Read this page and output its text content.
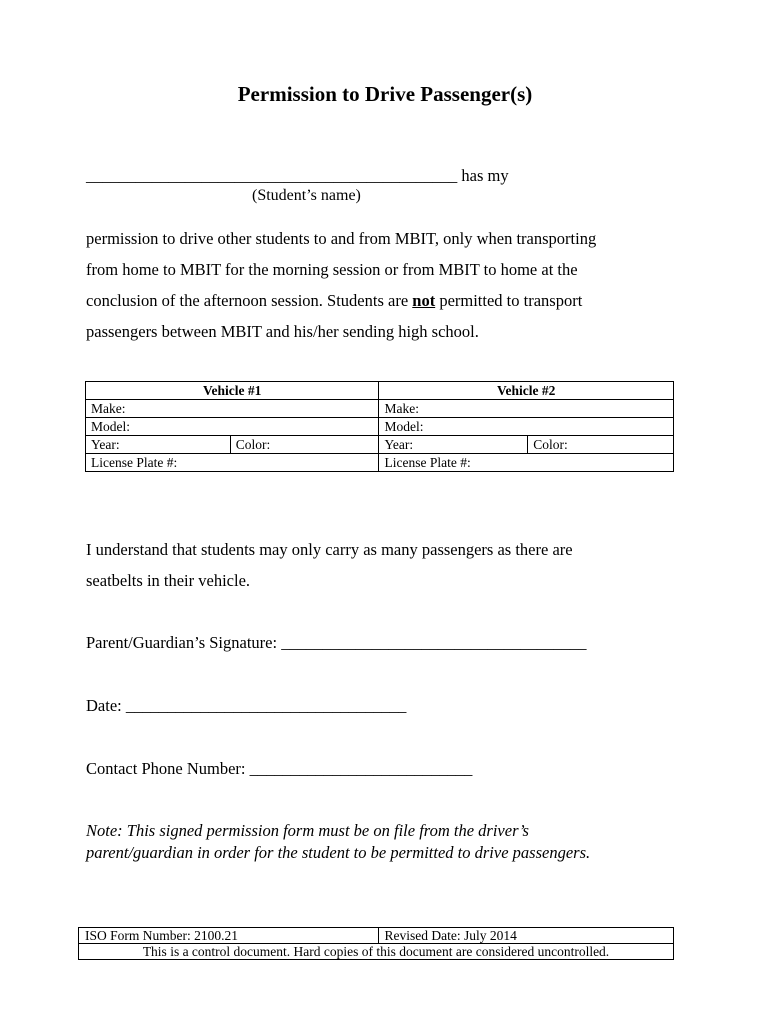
Permission to Drive Passenger(s)
_____________________________________________ has my
(Student’s name)
permission to drive other students to and from MBIT, only when transporting
from home to MBIT for the morning session or from MBIT to home at the
conclusion of the afternoon session. Students are not permitted to transport
passengers between MBIT and his/her sending high school.
Vehicle #1		Vehicle #2	
Make:		Make:	
Model:		Model:	
Year:	Color:	Year:	Color:
License Plate #:		License Plate #:	
I understand that students may only carry as many passengers as there are
seatbelts in their vehicle.
Parent/Guardian’s Signature: _____________________________________
Date: __________________________________
Contact Phone Number: ___________________________
Note: This signed permission form must be on file from the driver’s
parent/guardian in order for the student to be permitted to drive passengers.
ISO Form Number: 2100.21	Revised Date: July 2014
This is a control document. Hard copies of this document are considered uncontrolled.
